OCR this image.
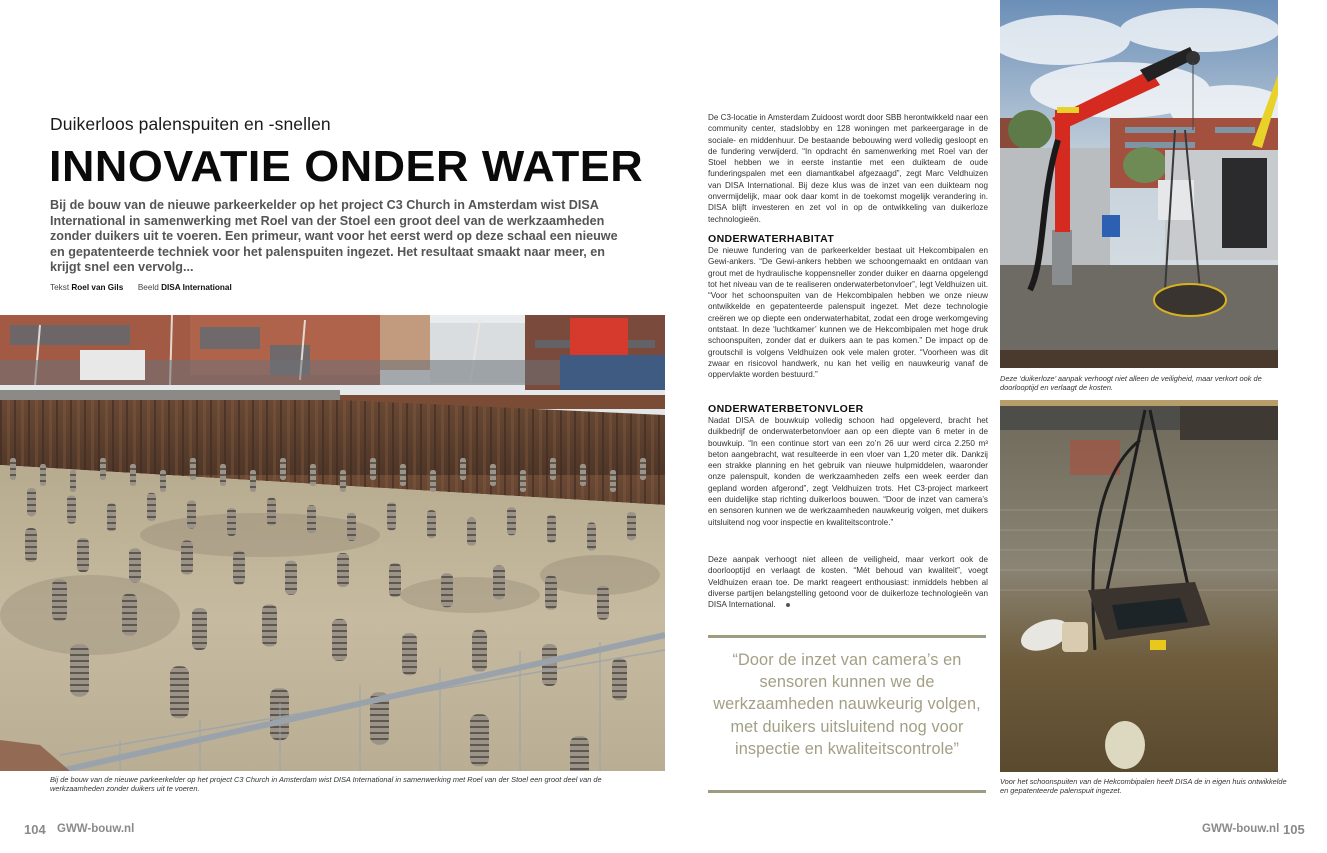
Duikerloos palenspuiten en -snellen
INNOVATIE ONDER WATER

Bij de bouw van de nieuwe parkeerkelder op het project C3 Church in Amsterdam wist DISA International in samenwerking met Roel van der Stoel een groot deel van de werkzaamheden zonder duikers uit te voeren. Een primeur, want voor het eerst werd op deze schaal een nieuwe en gepatenteerde techniek voor het palenspuiten ingezet. Het resultaat smaakt naar meer, en krijgt snel een vervolg...

Tekst Roel van Gils Beeld DISA International

Bij de bouw van de nieuwe parkeerkelder op het project C3 Church in Amsterdam wist DISA International in samenwerking met Roel van der Stoel een groot deel van de werkzaamheden zonder duikers uit te voeren.

104 GWW-bouw.nl

De C3-locatie in Amsterdam Zuidoost wordt door SBB herontwikkeld naar een community center, stadslobby en 128 woningen met parkeergarage in de sociale- en middenhuur. De bestaande bebouwing werd volledig gesloopt en de fundering verwijderd. “In opdracht én samenwerking met Roel van der Stoel hebben we in eerste instantie met een duikteam de oude funderingspalen met een diamantkabel afgezaagd”, zegt Marc Veldhuizen van DISA International. Bij deze klus was de inzet van een duikteam nog onvermijdelijk, maar ook daar komt in de toekomst mogelijk verandering in. DISA blijft investeren en zet vol in op de ontwikkeling van duikerloze technologieën.

ONDERWATERHABITAT

De nieuwe fundering van de parkeerkelder bestaat uit Hekcombipalen en Gewi-ankers. “De Gewi-ankers hebben we schoongemaakt en ontdaan van grout met de hydraulische koppensneller zonder duiker en daarna opgelengd tot het niveau van de te realiseren onderwaterbetonvloer”, legt Veldhuizen uit. “Voor het schoonspuiten van de Hekcombipalen hebben we onze nieuw ontwikkelde en gepatenteerde palenspuit ingezet. Met deze technologie creëren we op diepte een onderwaterhabitat, zodat een droge werkomgeving ontstaat. In deze ‘luchtkamer’ kunnen we de Hekcombipalen met hoge druk schoonspuiten, zonder dat er duikers aan te pas komen.” De impact op de groutschil is volgens Veldhuizen ook vele malen groter. “Voorheen was dit zwaar en risicovol handwerk, nu kan het veilig en nauwkeurig vanaf de oppervlakte worden bestuurd.”

ONDERWATERBETONVLOER

Nadat DISA de bouwkuip volledig schoon had opgeleverd, bracht het duikbedrijf de onderwaterbetonvloer aan op een diepte van 6 meter in de bouwkuip. “In een continue stort van een zo’n 26 uur werd circa 2.250 m³ beton aangebracht, wat resulteerde in een vloer van 1,20 meter dik. Dankzij een strakke planning en het gebruik van nieuwe hulpmiddelen, waaronder onze palenspuit, konden de werkzaamheden zelfs een week eerder dan gepland worden afgerond”, zegt Veldhuizen trots. Het C3-project markeert een duidelijke stap richting duikerloos bouwen. “Door de inzet van camera’s en sensoren kunnen we de werkzaamheden nauwkeurig volgen, met duikers uitsluitend nog voor inspectie en kwaliteitscontrole.”

Deze aanpak verhoogt niet alleen de veiligheid, maar verkort ook de doorlooptijd en verlaagt de kosten. “Mét behoud van kwaliteit”, voegt Veldhuizen eraan toe. De markt reageert enthousiast: inmiddels hebben al diverse partijen belangstelling getoond voor de duikerloze technologieën van DISA International.

“Door de inzet van camera’s en sensoren kunnen we de werkzaamheden nauwkeurig volgen, met duikers uitsluitend nog voor inspectie en kwaliteitscontrole”

Deze ‘duikerloze’ aanpak verhoogt niet alleen de veiligheid, maar verkort ook de doorlooptijd en verlaagt de kosten.

Voor het schoonspuiten van de Hekcombipalen heeft DISA de in eigen huis ontwikkelde en gepatenteerde palenspuit ingezet.

GWW-bouw.nl 105
